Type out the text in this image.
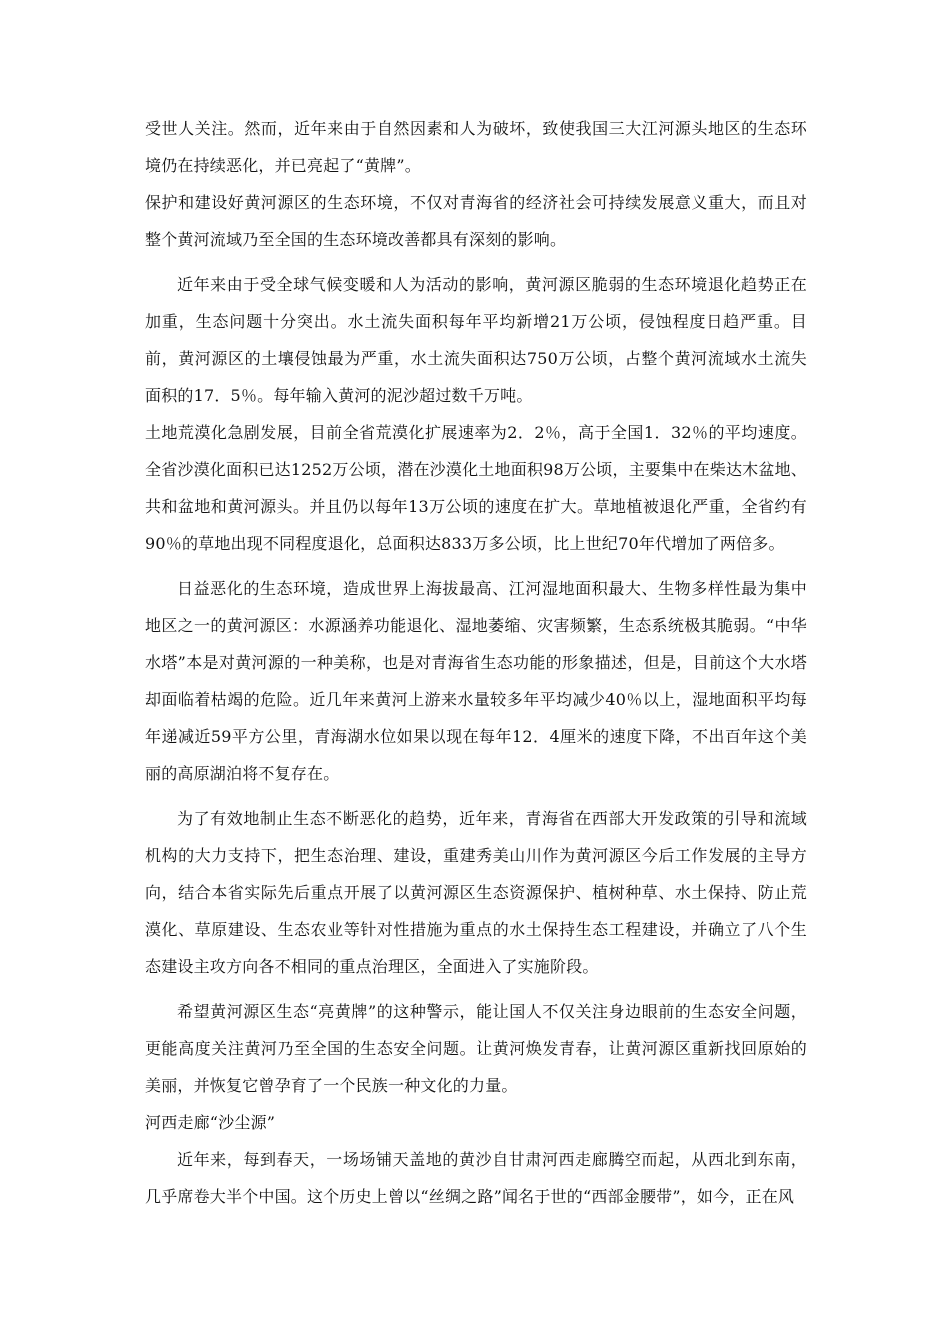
受世人关注。然而，近年来由于自然因素和人为破坏，致使我国三大江河源头地区的生态环境仍在持续恶化，并已亮起了“黄牌”。

保护和建设好黄河源区的生态环境，不仅对青海省的经济社会可持续发展意义重大，而且对整个黄河流域乃至全国的生态环境改善都具有深刻的影响。

近年来由于受全球气候变暖和人为活动的影响，黄河源区脆弱的生态环境退化趋势正在加重，生态问题十分突出。水土流失面积每年平均新增21万公顷，侵蚀程度日趋严重。目前，黄河源区的土壤侵蚀最为严重，水土流失面积达750万公顷，占整个黄河流域水土流失面积的17．5％。每年输入黄河的泥沙超过数千万吨。

土地荒漠化急剧发展，目前全省荒漠化扩展速率为2．2％，高于全国1．32％的平均速度。全省沙漠化面积已达1252万公顷，潜在沙漠化土地面积98万公顷，主要集中在柴达木盆地、共和盆地和黄河源头。并且仍以每年13万公顷的速度在扩大。草地植被退化严重，全省约有90％的草地出现不同程度退化，总面积达833万多公顷，比上世纪70年代增加了两倍多。

日益恶化的生态环境，造成世界上海拔最高、江河湿地面积最大、生物多样性最为集中地区之一的黄河源区：水源涵养功能退化、湿地萎缩、灾害频繁，生态系统极其脆弱。“中华水塔”本是对黄河源的一种美称，也是对青海省生态功能的形象描述，但是，目前这个大水塔却面临着枯竭的危险。近几年来黄河上游来水量较多年平均减少40％以上，湿地面积平均每年递减近59平方公里，青海湖水位如果以现在每年12．4厘米的速度下降，不出百年这个美丽的高原湖泊将不复存在。

为了有效地制止生态不断恶化的趋势，近年来，青海省在西部大开发政策的引导和流域机构的大力支持下，把生态治理、建设，重建秀美山川作为黄河源区今后工作发展的主导方向，结合本省实际先后重点开展了以黄河源区生态资源保护、植树种草、水土保持、防止荒漠化、草原建设、生态农业等针对性措施为重点的水土保持生态工程建设，并确立了八个生态建设主攻方向各不相同的重点治理区，全面进入了实施阶段。

希望黄河源区生态“亮黄牌”的这种警示，能让国人不仅关注身边眼前的生态安全问题，更能高度关注黄河乃至全国的生态安全问题。让黄河焕发青春，让黄河源区重新找回原始的美丽，并恢复它曾孕育了一个民族一种文化的力量。

河西走廊“沙尘源”

近年来，每到春天，一场场铺天盖地的黄沙自甘肃河西走廊腾空而起，从西北到东南，几乎席卷大半个中国。这个历史上曾以“丝绸之路”闻名于世的“西部金腰带”，如今，正在风
